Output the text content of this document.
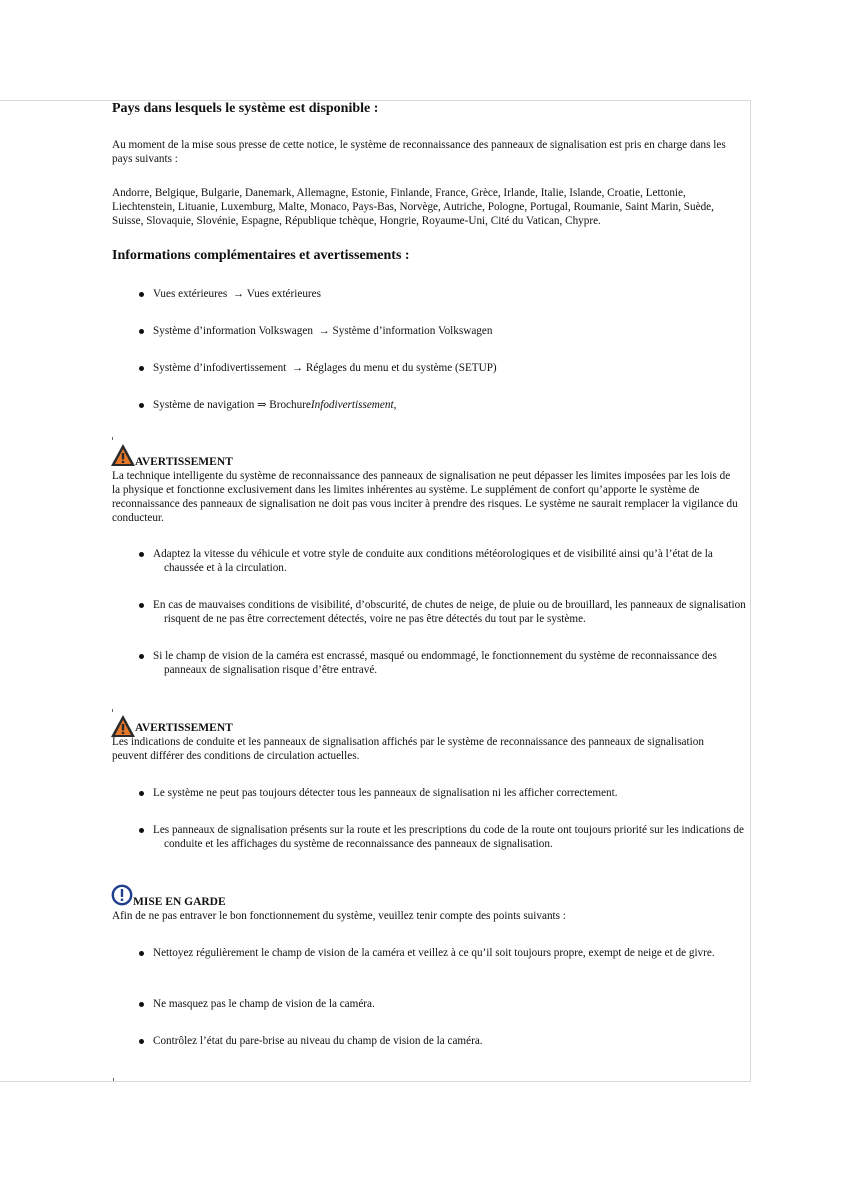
Pays dans lesquels le système est disponible :
Au moment de la mise sous presse de cette notice, le système de reconnaissance des panneaux de signalisation est pris en charge dans les pays suivants :
Andorre, Belgique, Bulgarie, Danemark, Allemagne, Estonie, Finlande, France, Grèce, Irlande, Italie, Islande, Croatie, Lettonie, Liechtenstein, Lituanie, Luxemburg, Malte, Monaco, Pays-Bas, Norvège, Autriche, Pologne, Portugal, Roumanie, Saint Marin, Suède, Suisse, Slovaquie, Slovénie, Espagne, République tchèque, Hongrie, Royaume-Uni, Cité du Vatican, Chypre.
Informations complémentaires et avertissements :
Vues extérieures → Vues extérieures
Système d’information Volkswagen → Système d’information Volkswagen
Système d’infodivertissement → Réglages du menu et du système (SETUP)
Système de navigation ⇒ BrochureInfodivertissement,
AVERTISSEMENT
La technique intelligente du système de reconnaissance des panneaux de signalisation ne peut dépasser les limites imposées par les lois de la physique et fonctionne exclusivement dans les limites inhérentes au système. Le supplément de confort qu’apporte le système de reconnaissance des panneaux de signalisation ne doit pas vous inciter à prendre des risques. Le système ne saurait remplacer la vigilance du conducteur.
Adaptez la vitesse du véhicule et votre style de conduite aux conditions météorologiques et de visibilité ainsi qu’à l’état de la chaussée et à la circulation.
En cas de mauvaises conditions de visibilité, d’obscurité, de chutes de neige, de pluie ou de brouillard, les panneaux de signalisation risquent de ne pas être correctement détectés, voire ne pas être détectés du tout par le système.
Si le champ de vision de la caméra est encrassé, masqué ou endommagé, le fonctionnement du système de reconnaissance des panneaux de signalisation risque d’être entravé.
AVERTISSEMENT
Les indications de conduite et les panneaux de signalisation affichés par le système de reconnaissance des panneaux de signalisation peuvent différer des conditions de circulation actuelles.
Le système ne peut pas toujours détecter tous les panneaux de signalisation ni les afficher correctement.
Les panneaux de signalisation présents sur la route et les prescriptions du code de la route ont toujours priorité sur les indications de conduite et les affichages du système de reconnaissance des panneaux de signalisation.
MISE EN GARDE
Afin de ne pas entraver le bon fonctionnement du système, veuillez tenir compte des points suivants :
Nettoyez régulièrement le champ de vision de la caméra et veillez à ce qu’il soit toujours propre, exempt de neige et de givre.
Ne masquez pas le champ de vision de la caméra.
Contrôlez l’état du pare-brise au niveau du champ de vision de la caméra.
